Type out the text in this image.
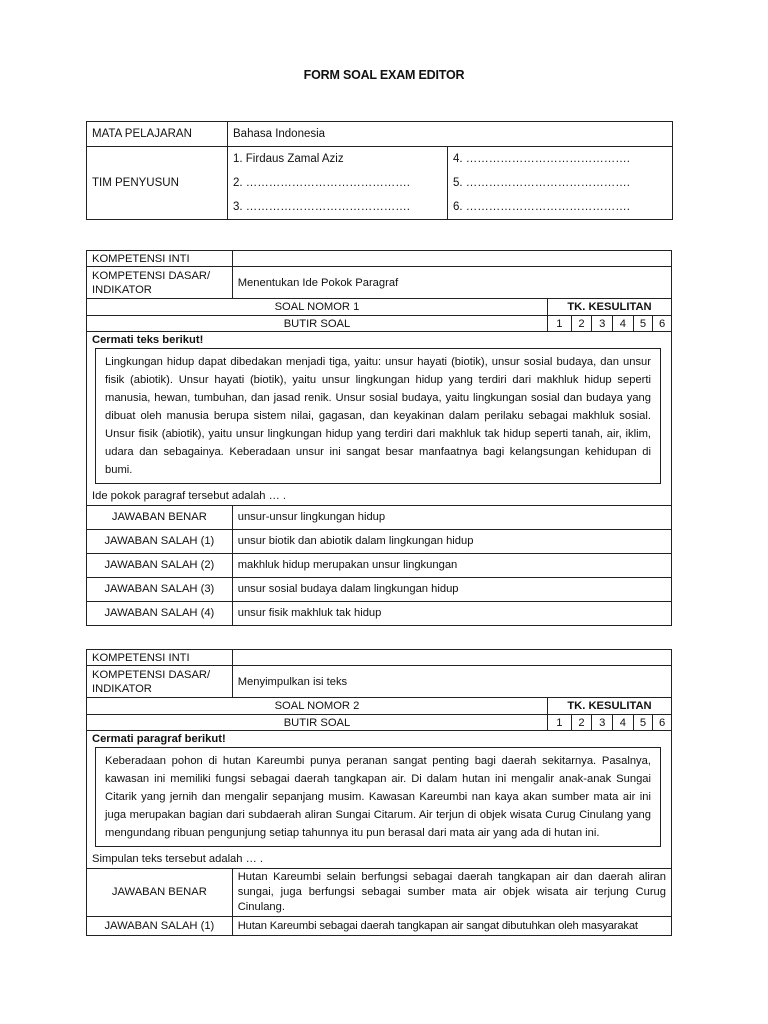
FORM SOAL EXAM EDITOR
MATA PELAJARAN	Bahasa Indonesia	
TIM PENYUSUN	1. Firdaus Zamal Aziz	4. …………………………………….
	2. …………………………………….	5. …………………………………….
	3. …………………………………….	6. …………………………………….
KOMPETENSI INTI							
KOMPETENSI DASAR/ INDIKATOR	Menentukan Ide Pokok Paragraf						
SOAL NOMOR 1		TK. KESULITAN					
BUTIR SOAL		1	2	3	4	5	6
Cermati teks berikut!							

Lingkungan hidup dapat dibedakan menjadi tiga, yaitu: unsur hayati (biotik), unsur sosial budaya, dan unsur fisik (abiotik). Unsur hayati (biotik), yaitu unsur lingkungan hidup yang terdiri dari makhluk hidup seperti manusia, hewan, tumbuhan, dan jasad renik. Unsur sosial budaya, yaitu lingkungan sosial dan budaya yang dibuat oleh manusia berupa sistem nilai, gagasan, dan keyakinan dalam perilaku sebagai makhluk sosial. Unsur fisik (abiotik), yaitu unsur lingkungan hidup yang terdiri dari makhluk tak hidup seperti tanah, air, iklim, udara dan sebagainya. Keberadaan unsur ini sangat besar manfaatnya bagi kelangsungan kehidupan di bumi.							

Ide pokok paragraf tersebut adalah … .							
JAWABAN BENAR	unsur-unsur lingkungan hidup						
JAWABAN SALAH (1)	unsur biotik dan abiotik dalam lingkungan hidup						
JAWABAN SALAH (2)	makhluk hidup merupakan unsur lingkungan						
JAWABAN SALAH (3)	unsur sosial budaya dalam lingkungan hidup						
JAWABAN SALAH (4)	unsur fisik makhluk tak hidup						
KOMPETENSI INTI							
KOMPETENSI DASAR/ INDIKATOR	Menyimpulkan isi teks						
SOAL NOMOR 2		TK. KESULITAN					
BUTIR SOAL		1	2	3	4	5	6
Cermati paragraf berikut!							

Keberadaan pohon di hutan Kareumbi punya peranan sangat penting bagi daerah sekitarnya. Pasalnya, kawasan ini memiliki fungsi sebagai daerah tangkapan air. Di dalam hutan ini mengalir anak-anak Sungai Citarik yang jernih dan mengalir sepanjang musim. Kawasan Kareumbi nan kaya akan sumber mata air ini juga merupakan bagian dari subdaerah aliran Sungai Citarum. Air terjun di objek wisata Curug Cinulang yang mengundang ribuan pengunjung setiap tahunnya itu pun berasal dari mata air yang ada di hutan ini.							

Simpulan teks tersebut adalah … .							
JAWABAN BENAR	Hutan Kareumbi selain berfungsi sebagai daerah tangkapan air dan daerah aliran sungai, juga berfungsi sebagai sumber mata air objek wisata air terjung Curug Cinulang.						
JAWABAN SALAH (1)	Hutan Kareumbi sebagai daerah tangkapan air sangat dibutuhkan oleh masyarakat						
